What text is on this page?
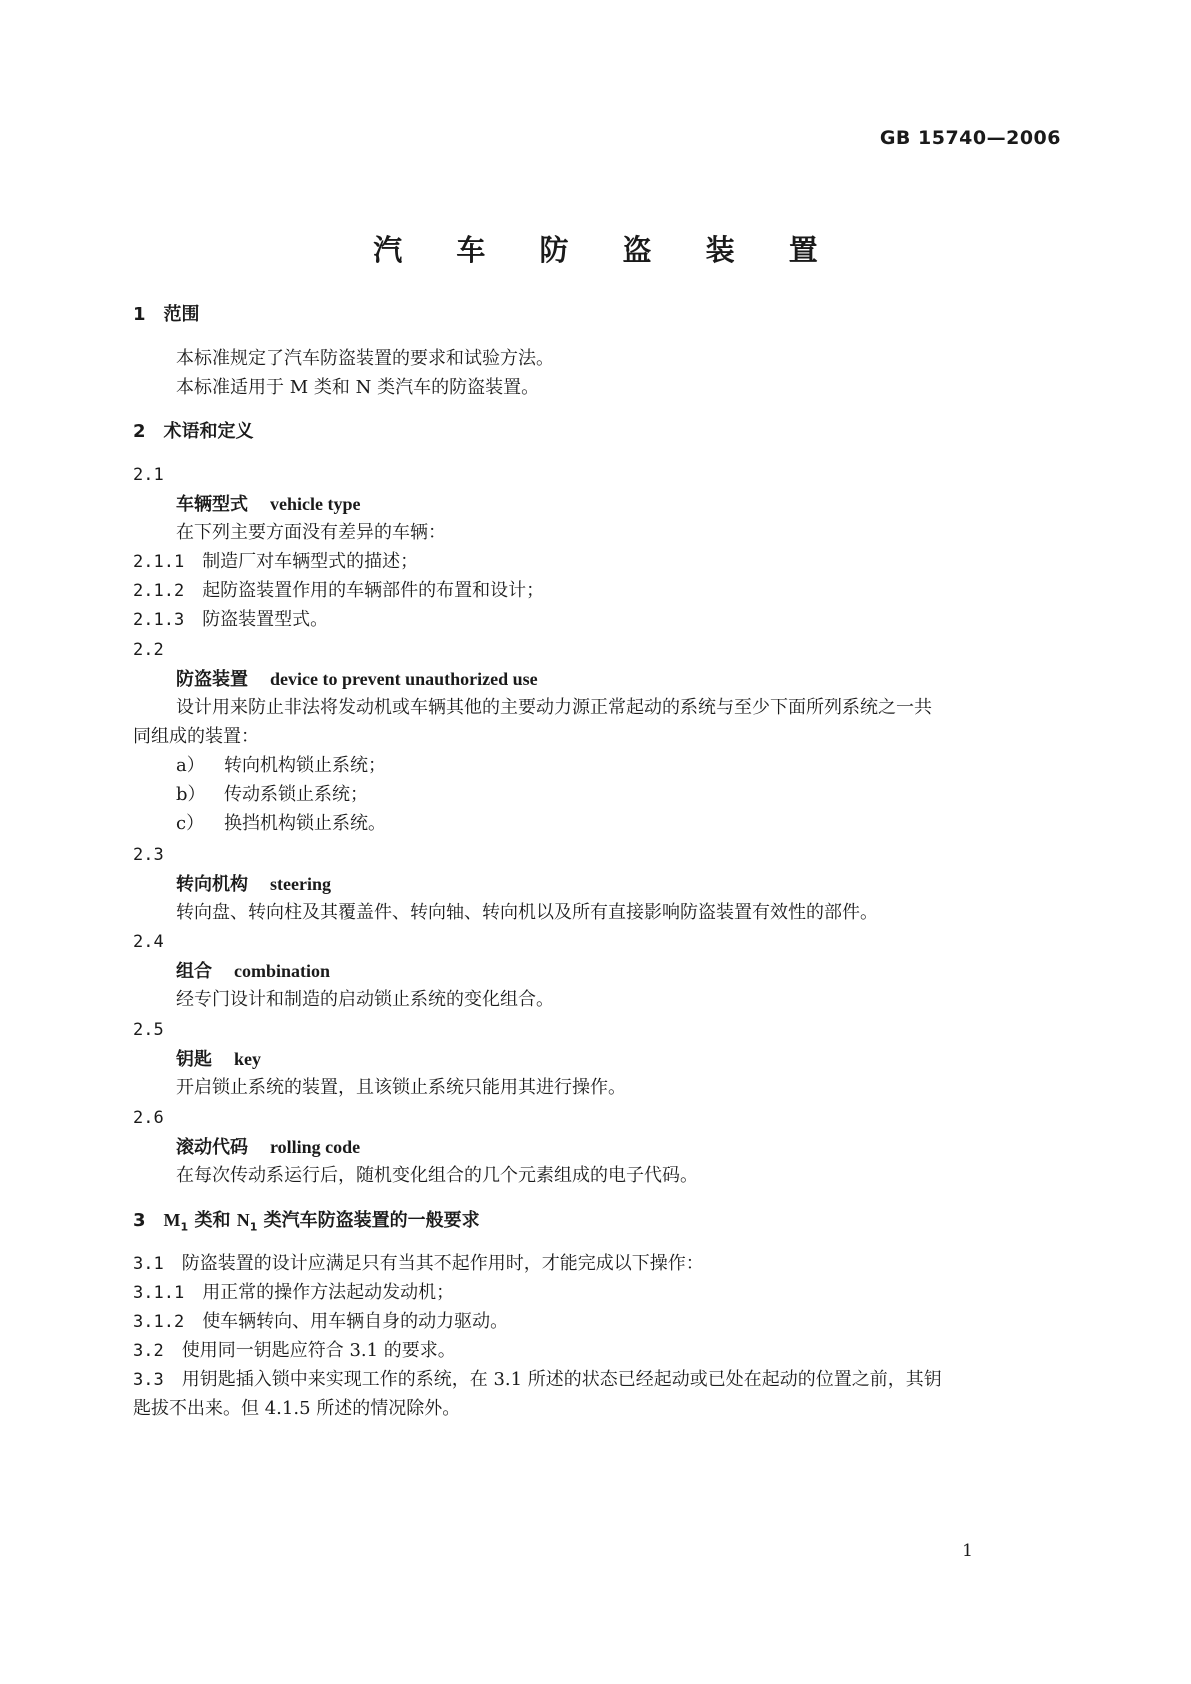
GB 15740—2006
汽 车 防 盗 装 置
1 范围
本标准规定了汽车防盗装置的要求和试验方法。
本标准适用于 M 类和 N 类汽车的防盗装置。
2 术语和定义
2.1
车辆型式 vehicle type
在下列主要方面没有差异的车辆：
2.1.1 制造厂对车辆型式的描述；
2.1.2 起防盗装置作用的车辆部件的布置和设计；
2.1.3 防盗装置型式。
2.2
防盗装置 device to prevent unauthorized use
设计用来防止非法将发动机或车辆其他的主要动力源正常起动的系统与至少下面所列系统之一共
同组成的装置：
a） 转向机构锁止系统；
b） 传动系锁止系统；
c） 换挡机构锁止系统。
2.3
转向机构 steering
转向盘、转向柱及其覆盖件、转向轴、转向机以及所有直接影响防盗装置有效性的部件。
2.4
组合 combination
经专门设计和制造的启动锁止系统的变化组合。
2.5
钥匙 key
开启锁止系统的装置，且该锁止系统只能用其进行操作。
2.6
滚动代码 rolling code
在每次传动系运行后，随机变化组合的几个元素组成的电子代码。
3 $M_1$ 类和 $N_1$ 类汽车防盗装置的一般要求
3.1 防盗装置的设计应满足只有当其不起作用时，才能完成以下操作：
3.1.1 用正常的操作方法起动发动机；
3.1.2 使车辆转向、用车辆自身的动力驱动。
3.2 使用同一钥匙应符合 3.1 的要求。
3.3 用钥匙插入锁中来实现工作的系统，在 3.1 所述的状态已经起动或已处在起动的位置之前，其钥
匙拔不出来。但 4.1.5 所述的情况除外。
1
